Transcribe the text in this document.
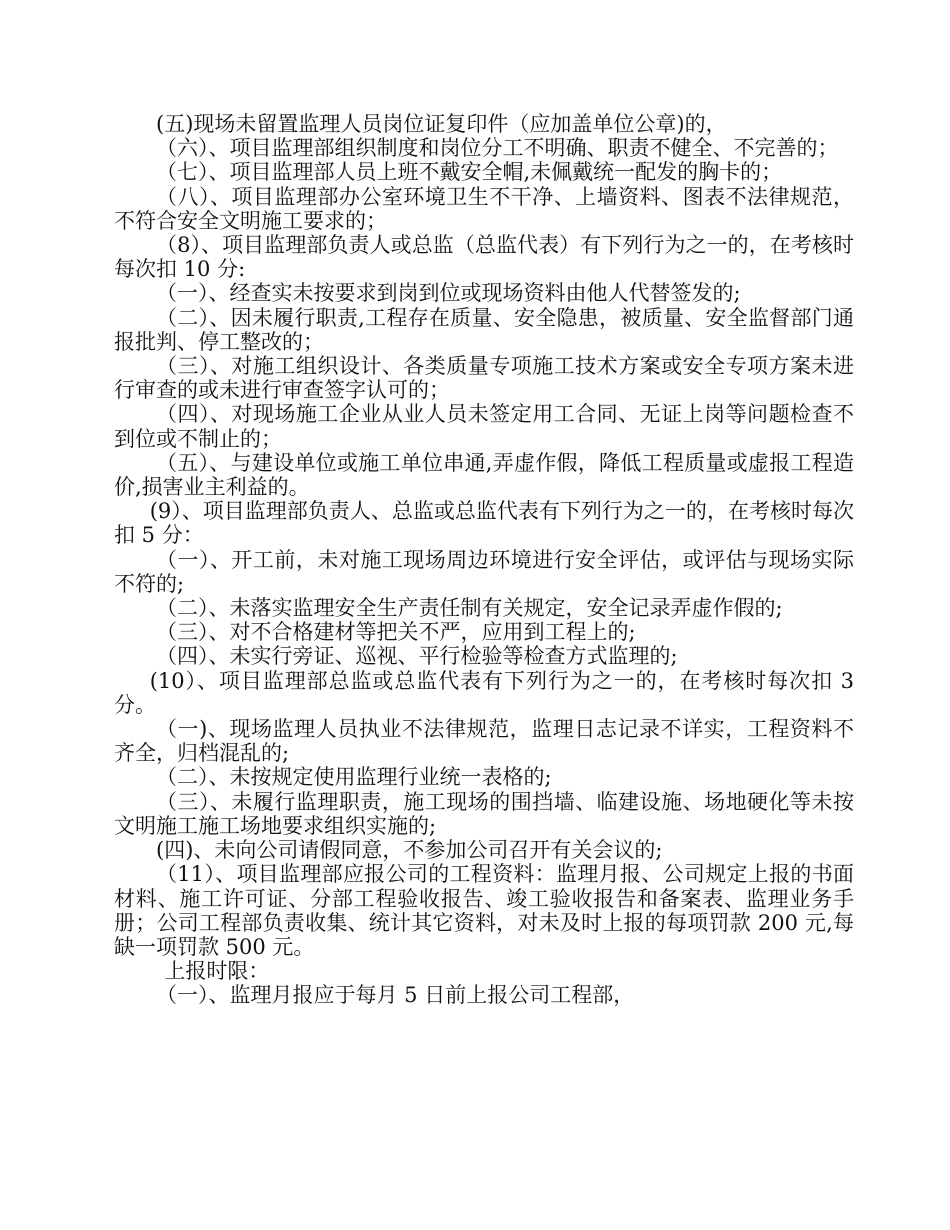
(五)现场未留置监理人员岗位证复印件（应加盖单位公章)的，

（六）、项目监理部组织制度和岗位分工不明确、职责不健全、不完善的；

（七）、项目监理部人员上班不戴安全帽,未佩戴统一配发的胸卡的；

（八）、项目监理部办公室环境卫生不干净、上墙资料、图表不法律规范，不符合安全文明施工要求的；

（8）、项目监理部负责人或总监（总监代表）有下列行为之一的，在考核时每次扣 10 分:

（一）、经查实未按要求到岗到位或现场资料由他人代替签发的;

（二）、因未履行职责,工程存在质量、安全隐患，被质量、安全监督部门通报批判、停工整改的；

（三）、对施工组织设计、各类质量专项施工技术方案或安全专项方案未进行审查的或未进行审查签字认可的；

（四）、对现场施工企业从业人员未签定用工合同、无证上岗等问题检查不到位或不制止的；

（五）、与建设单位或施工单位串通,弄虚作假，降低工程质量或虚报工程造价,损害业主利益的。

(9）、项目监理部负责人、总监或总监代表有下列行为之一的，在考核时每次扣 5 分：

（一）、开工前，未对施工现场周边环境进行安全评估，或评估与现场实际不符的;

（二）、未落实监理安全生产责任制有关规定，安全记录弄虚作假的;

（三）、对不合格建材等把关不严，应用到工程上的;

（四）、未实行旁证、巡视、平行检验等检查方式监理的;

(10）、项目监理部总监或总监代表有下列行为之一的，在考核时每次扣 3 分。

（一)、现场监理人员执业不法律规范，监理日志记录不详实，工程资料不齐全，归档混乱的;

（二）、未按规定使用监理行业统一表格的;

（三）、未履行监理职责，施工现场的围挡墙、临建设施、场地硬化等未按文明施工施工场地要求组织实施的;

(四)、未向公司请假同意，不参加公司召开有关会议的;

（11）、项目监理部应报公司的工程资料：监理月报、公司规定上报的书面材料、施工许可证、分部工程验收报告、竣工验收报告和备案表、监理业务手册；公司工程部负责收集、统计其它资料，对未及时上报的每项罚款 200 元,每缺一项罚款 500 元。

上报时限：

（一）、监理月报应于每月 5 日前上报公司工程部，
